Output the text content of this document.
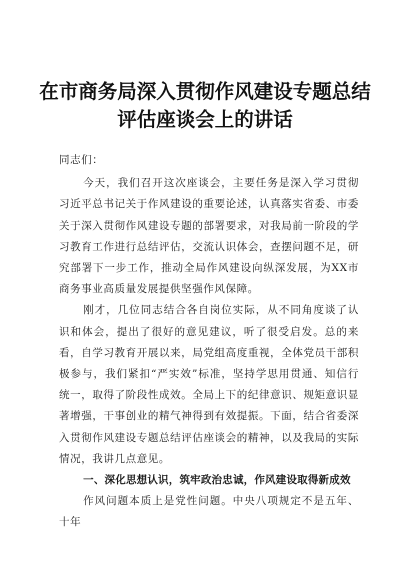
在市商务局深入贯彻作风建设专题总结评估座谈会上的讲话

同志们：

今天，我们召开这次座谈会，主要任务是深入学习贯彻习近平总书记关于作风建设的重要论述，认真落实省委、市委关于深入贯彻作风建设专题的部署要求，对我局前一阶段的学习教育工作进行总结评估，交流认识体会，查摆问题不足，研究部署下一步工作，推动全局作风建设向纵深发展，为XX市商务事业高质量发展提供坚强作风保障。

刚才，几位同志结合各自岗位实际，从不同角度谈了认识和体会，提出了很好的意见建议，听了很受启发。总的来看，自学习教育开展以来，局党组高度重视，全体党员干部积极参与，我们紧扣“严实效”标准，坚持学思用贯通、知信行统一，取得了阶段性成效。全局上下的纪律意识、规矩意识显著增强，干事创业的精气神得到有效提振。下面，结合省委深入贯彻作风建设专题总结评估座谈会的精神，以及我局的实际情况，我讲几点意见。

一、深化思想认识，筑牢政治忠诚，作风建设取得新成效

作风问题本质上是党性问题。中央八项规定不是五年、十年
